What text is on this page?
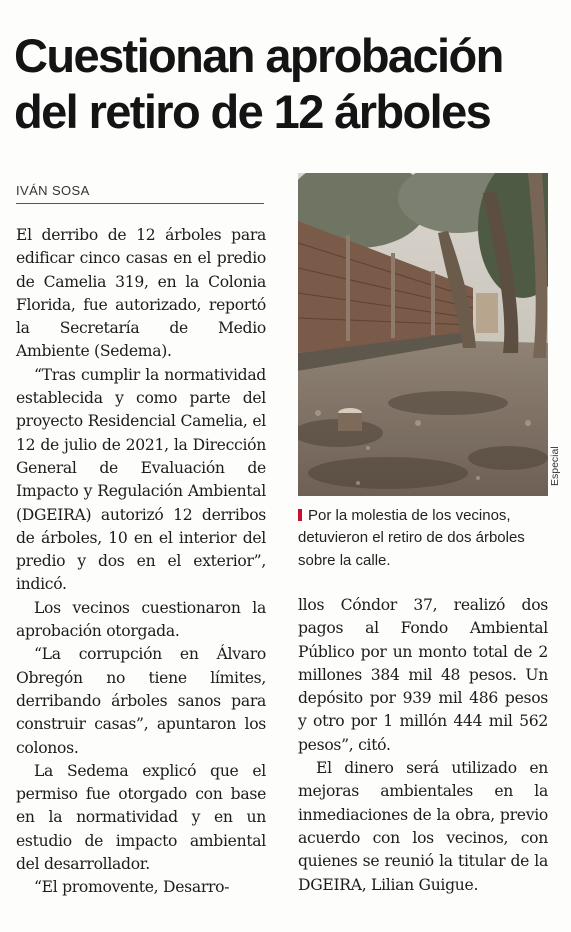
Cuestionan aprobación
del retiro de 12 árboles
IVÁN SOSA

El derribo de 12 árboles para edificar cinco casas en el predio de Camelia 319, en la Colonia Florida, fue autorizado, reportó la Secretaría de Medio Ambiente (Sedema).

“Tras cumplir la normatividad establecida y como parte del proyecto Residencial Camelia, el 12 de julio de 2021, la Dirección General de Evaluación de Impacto y Regulación Ambiental (DGEIRA) autorizó 12 derribos de árboles, 10 en el interior del predio y dos en el exterior”, indicó.

Los vecinos cuestionaron la aprobación otorgada.

“La corrupción en Álvaro Obregón no tiene límites, derribando árboles sanos para construir casas”, apuntaron los colonos.

La Sedema explicó que el permiso fue otorgado con base en la normatividad y en un estudio de impacto ambiental del desarrollador.

“El promovente, Desarro-

Especial
Por la molestia de los vecinos, detuvieron el retiro de dos árboles sobre la calle.

llos Cóndor 37, realizó dos pagos al Fondo Ambiental Público por un monto total de 2 millones 384 mil 48 pesos. Un depósito por 939 mil 486 pesos y otro por 1 millón 444 mil 562 pesos”, citó.

El dinero será utilizado en mejoras ambientales en la inmediaciones de la obra, previo acuerdo con los vecinos, con quienes se reunió la titular de la DGEIRA, Lilian Guigue.
